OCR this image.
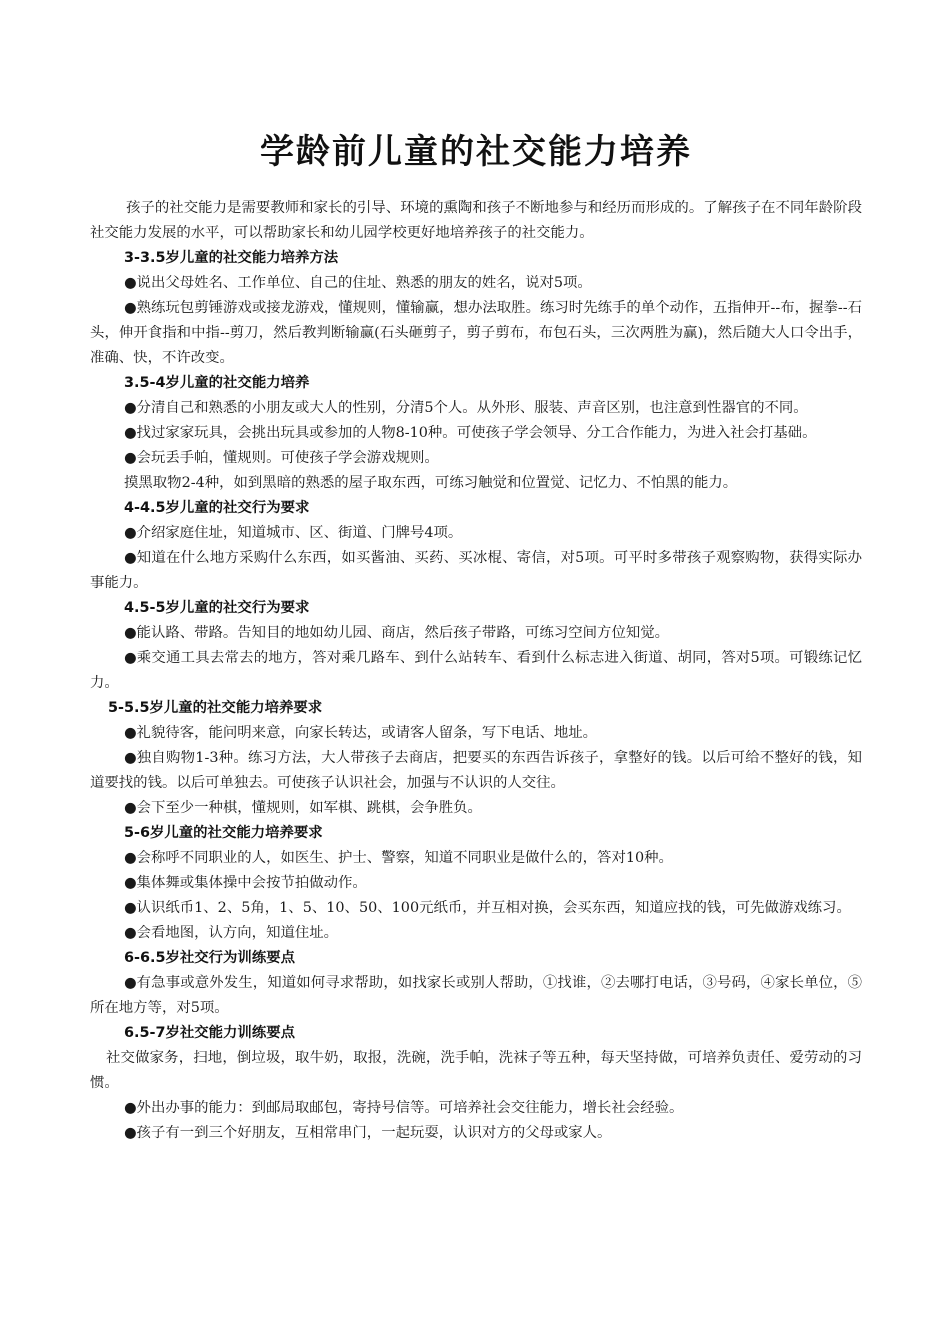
学龄前儿童的社交能力培养

孩子的社交能力是需要教师和家长的引导、环境的熏陶和孩子不断地参与和经历而形成的。了解孩子在不同年龄阶段社交能力发展的水平，可以帮助家长和幼儿园学校更好地培养孩子的社交能力。

3-3.5岁儿童的社交能力培养方法

●说出父母姓名、工作单位、自己的住址、熟悉的朋友的姓名，说对5项。

●熟练玩包剪锤游戏或接龙游戏，懂规则，懂输赢，想办法取胜。练习时先练手的单个动作，五指伸开--布，握拳--石头，伸开食指和中指--剪刀，然后教判断输赢(石头砸剪子，剪子剪布，布包石头，三次两胜为赢)，然后随大人口令出手，准确、快，不许改变。

3.5-4岁儿童的社交能力培养

●分清自己和熟悉的小朋友或大人的性别，分清5个人。从外形、服装、声音区别，也注意到性器官的不同。

●找过家家玩具，会挑出玩具或参加的人物8-10种。可使孩子学会领导、分工合作能力，为进入社会打基础。

●会玩丢手帕，懂规则。可使孩子学会游戏规则。

摸黑取物2-4种，如到黑暗的熟悉的屋子取东西，可练习触觉和位置觉、记忆力、不怕黑的能力。

4-4.5岁儿童的社交行为要求

●介绍家庭住址，知道城市、区、街道、门牌号4项。

●知道在什么地方采购什么东西，如买酱油、买药、买冰棍、寄信，对5项。可平时多带孩子观察购物，获得实际办事能力。

4.5-5岁儿童的社交行为要求

●能认路、带路。告知目的地如幼儿园、商店，然后孩子带路，可练习空间方位知觉。

●乘交通工具去常去的地方，答对乘几路车、到什么站转车、看到什么标志进入街道、胡同，答对5项。可锻练记忆力。

5-5.5岁儿童的社交能力培养要求

●礼貌待客，能问明来意，向家长转达，或请客人留条，写下电话、地址。

●独自购物1-3种。练习方法，大人带孩子去商店，把要买的东西告诉孩子，拿整好的钱。以后可给不整好的钱，知道要找的钱。以后可单独去。可使孩子认识社会，加强与不认识的人交往。

●会下至少一种棋，懂规则，如军棋、跳棋，会争胜负。

5-6岁儿童的社交能力培养要求

●会称呼不同职业的人，如医生、护士、警察，知道不同职业是做什么的，答对10种。

●集体舞或集体操中会按节拍做动作。

●认识纸币1、2、5角，1、5、10、50、100元纸币，并互相对换，会买东西，知道应找的钱，可先做游戏练习。

●会看地图，认方向，知道住址。

6-6.5岁社交行为训练要点

●有急事或意外发生，知道如何寻求帮助，如找家长或别人帮助，①找谁，②去哪打电话，③号码，④家长单位，⑤所在地方等，对5项。

6.5-7岁社交能力训练要点

社交做家务，扫地，倒垃圾，取牛奶，取报，洗碗，洗手帕，洗袜子等五种，每天坚持做，可培养负责任、爱劳动的习惯。

●外出办事的能力：到邮局取邮包，寄持号信等。可培养社会交往能力，增长社会经验。

●孩子有一到三个好朋友，互相常串门，一起玩耍，认识对方的父母或家人。
